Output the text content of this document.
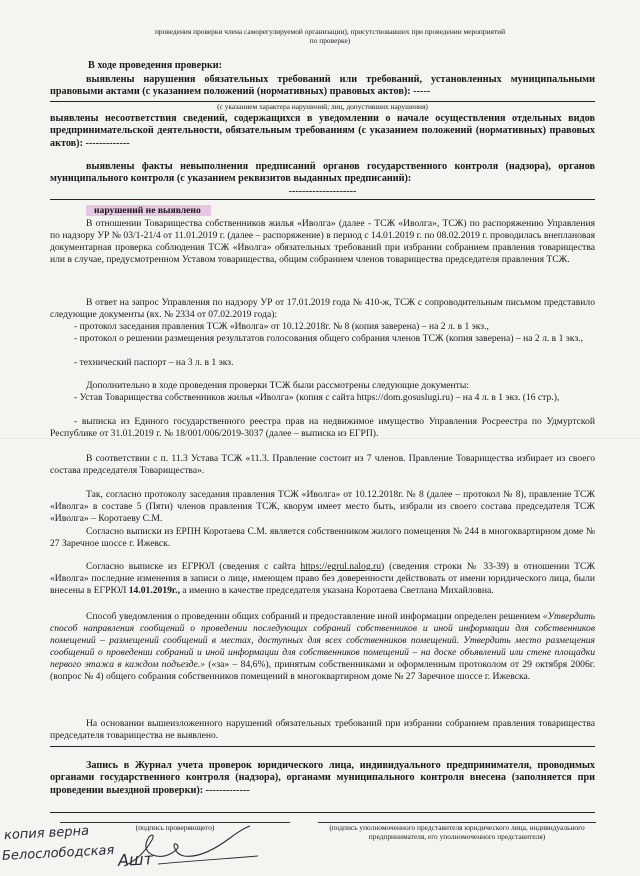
проведения проверки члена саморегулируемой организации), присутствовавших при проведении мероприятий
по проверке)
В ходе проведения проверки:
выявлены нарушения обязательных требований или требований, установленных муниципальными правовыми актами (с указанием положений (нормативных) правовых актов): -----
(с указанием характера нарушений; лиц, допустивших нарушения)
выявлены несоответствия сведений, содержащихся в уведомлении о начале осуществления отдельных видов предпринимательской деятельности, обязательным требованиям (с указанием положений (нормативных) правовых актов): -------------
выявлены факты невыполнения предписаний органов государственного контроля (надзора), органов муниципального контроля (с указанием реквизитов выданных предписаний):
--------------------
нарушений не выявлено
В отношении Товарищества собственников жилья «Иволга» (далее - ТСЖ «Иволга», ТСЖ) по распоряжению Управления по надзору УР № 03/1-21/4 от 11.01.2019 г. (далее – распоряжение) в период с 14.01.2019 г. по 08.02.2019 г. проводилась внеплановая документарная проверка соблюдения ТСЖ «Иволга» обязательных требований при избрании собранием правления товарищества или в случае, предусмотренном Уставом товарищества, общим собранием членов товарищества председателя правления ТСЖ.
В ответ на запрос Управления по надзору УР от 17.01.2019 года № 410-ж, ТСЖ с сопроводительным письмом представило следующие документы (вх. № 2334 от 07.02.2019 года):
- протокол заседания правления ТСЖ «Иволга» от 10.12.2018г. № 8 (копия заверена) – на 2 л. в 1 экз.,
- протокол о решении размещения результатов голосования общего собрания членов ТСЖ (копия заверена) – на 2 л. в 1 экз.,
- технический паспорт – на 3 л. в 1 экз.
Дополнительно в ходе проведения проверки ТСЖ были рассмотрены следующие документы:
- Устав Товарищества собственников жилья «Иволга» (копия с сайта https://dom.gosuslugi.ru) – на 4 л. в 1 экз. (16 стр.),
- выписка из Единого государственного реестра прав на недвижимое имущество Управления Росреестра по Удмуртской Республике от 31.01.2019 г. № 18/001/006/2019-3037 (далее – выписка из ЕГРП).
В соответствии с п. 11.3 Устава ТСЖ «11.3. Правление состоит из 7 членов. Правление Товарищества избирает из своего состава председателя Товарищества».
Так, согласно протоколу заседания правления ТСЖ «Иволга» от 10.12.2018г. № 8 (далее – протокол № 8), правление ТСЖ «Иволга» в составе 5 (Пяти) членов правления ТСЖ, кворум имеет место быть, избрали из своего состава председателя ТСЖ «Иволга» – Коротаеву С.М.
Согласно выписки из ЕРПН Коротаева С.М. является собственником жилого помещения № 244 в многоквартирном доме № 27 Заречное шоссе г. Ижевск.
Согласно выписке из ЕГРЮЛ (сведения с сайта https://egrul.nalog.ru) (сведения строки № 33-39) в отношении ТСЖ «Иволга» последние изменения в записи о лице, имеющем право без доверенности действовать от имени юридического лица, были внесены в ЕГРЮЛ 14.01.2019г., а именно в качестве председателя указана Коротаева Светлана Михайловна.
Способ уведомления о проведении общих собраний и предоставление иной информации определен решением «Утвердить способ направления сообщений о проведении последующих собраний собственников и иной информации для собственников помещений – размещений сообщений в местах, доступных для всех собственников помещений. Утвердить место размещения сообщений о проведении собраний и иной информации для собственников помещений – на доске объявлений или стене площадки первого этажа в каждом подъезде.» («за» – 84,6%), принятым собственниками и оформленным протоколом от 29 октября 2006г. (вопрос № 4) общего собрания собственников помещений в многоквартирном доме № 27 Заречное шоссе г. Ижевска.
На основании вышеизложенного нарушений обязательных требований при избрании собранием правления товарищества председателя товарищества не выявлено.
Запись в Журнал учета проверок юридического лица, индивидуального предпринимателя, проводимых органами государственного контроля (надзора), органами муниципального контроля внесена (заполняется при проведении выездной проверки): -------------
(подпись проверяющего)	(подпись уполномоченного представителя юридического лица, индивидуального предпринимателя, его уполномоченного представителя)
копия верна
Белослободская Ашт
